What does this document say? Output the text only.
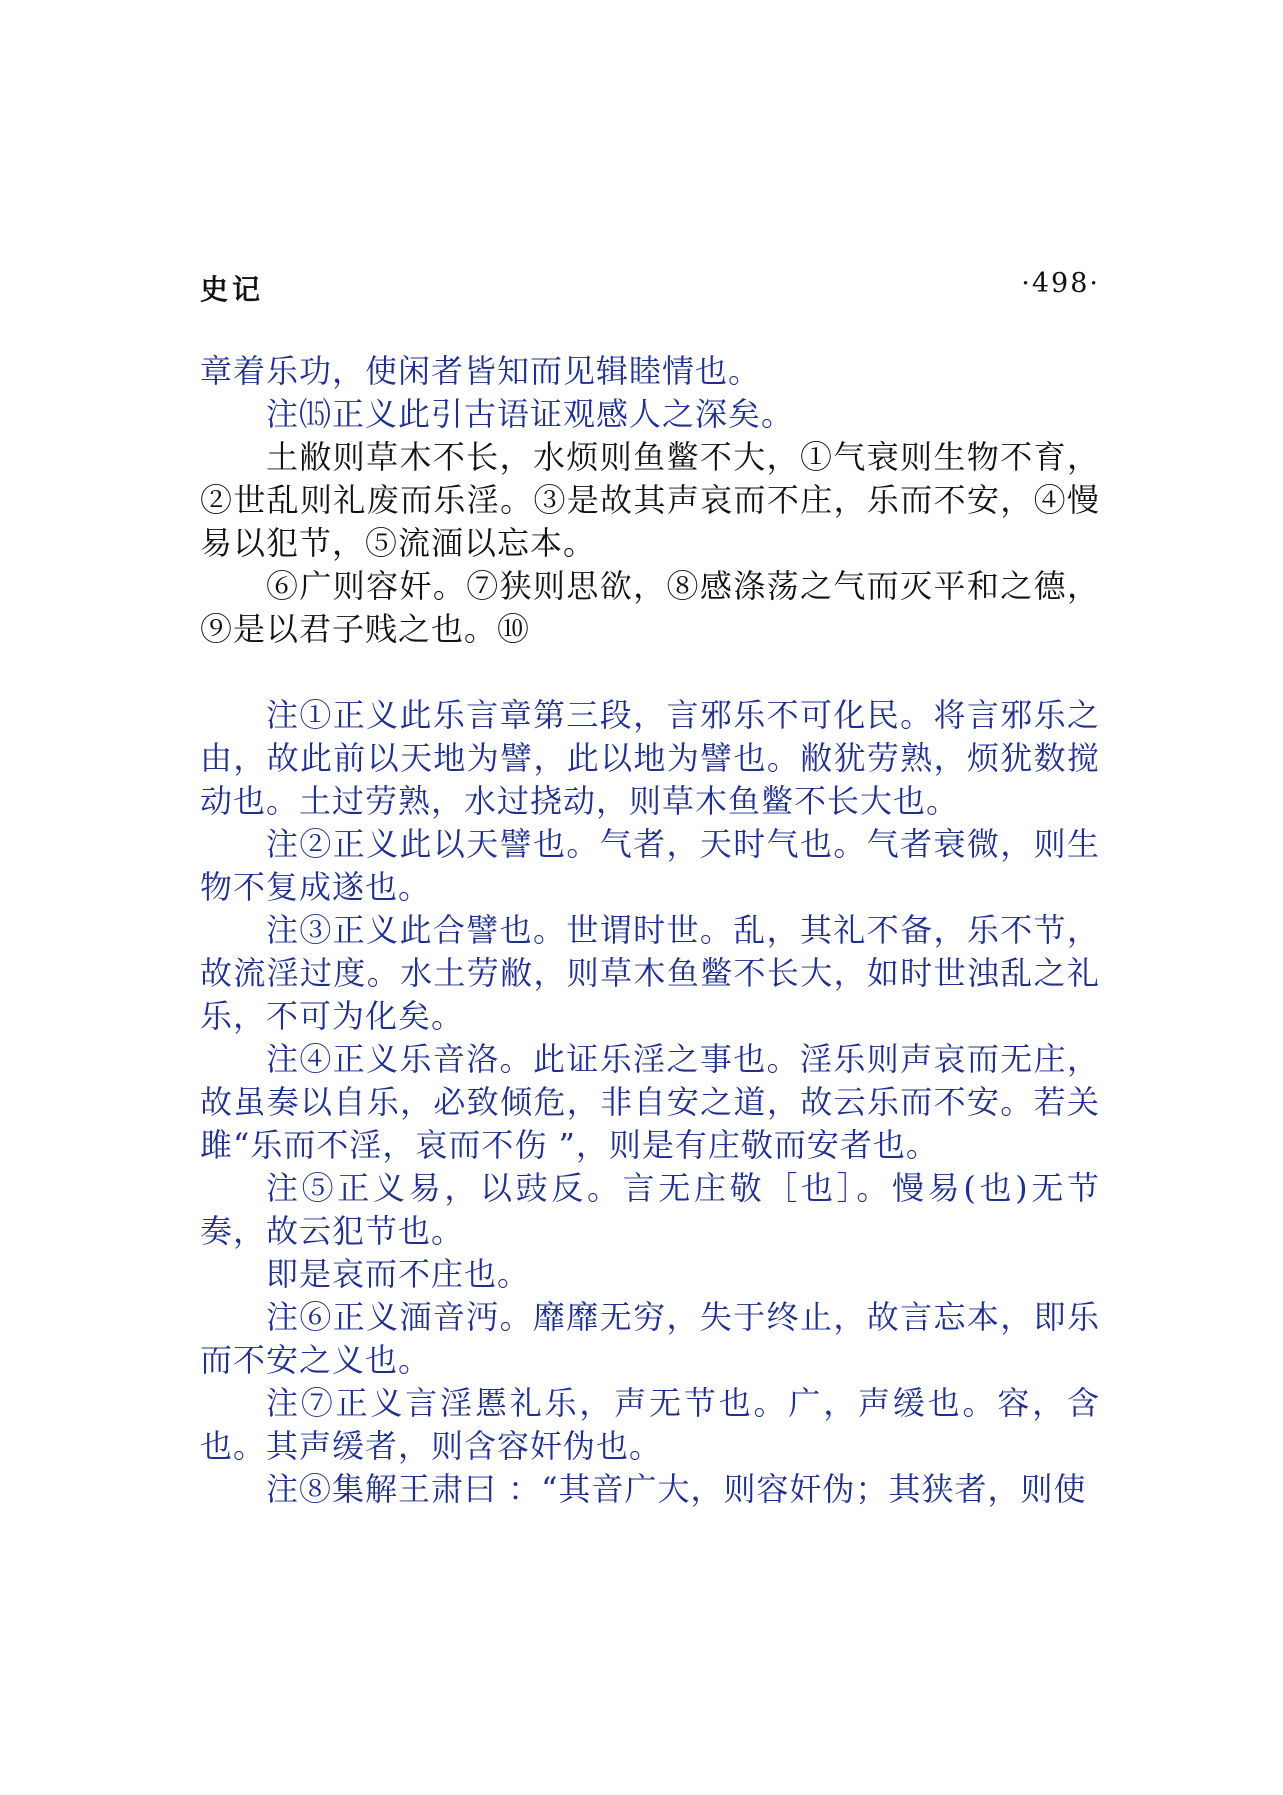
史记	·498·

章着乐功，使闲者皆知而见辑睦情也。

注⒂正义此引古语证观感人之深矣。

土敝则草木不长，水烦则鱼鳖不大，①气衰则生物不育，②世乱则礼废而乐淫。③是故其声哀而不庄，乐而不安，④慢易以犯节，⑤流湎以忘本。

⑥广则容奸。⑦狭则思欲，⑧感涤荡之气而灭平和之德，⑨是以君子贱之也。⑩

注①正义此乐言章第三段，言邪乐不可化民。将言邪乐之由，故此前以天地为譬，此以地为譬也。敝犹劳熟，烦犹数搅动也。土过劳熟，水过挠动，则草木鱼鳖不长大也。

注②正义此以天譬也。气者，天时气也。气者衰微，则生物不复成遂也。

注③正义此合譬也。世谓时世。乱，其礼不备，乐不节，故流淫过度。水土劳敝，则草木鱼鳖不长大，如时世浊乱之礼乐，不可为化矣。

注④正义乐音洛。此证乐淫之事也。淫乐则声哀而无庄，故虽奏以自乐，必致倾危，非自安之道，故云乐而不安。若关雎“乐而不淫，哀而不伤 ”，则是有庄敬而安者也。

注⑤正义易，以豉反。言无庄敬［也］。慢易(也)无节奏，故云犯节也。

即是哀而不庄也。

注⑥正义湎音沔。靡靡无穷，失于终止，故言忘本，即乐而不安之义也。

注⑦正义言淫慝礼乐，声无节也。广，声缓也。容，含也。其声缓者，则含容奸伪也。

注⑧集解王肃曰 ：“其音广大，则容奸伪；其狭者，则使
